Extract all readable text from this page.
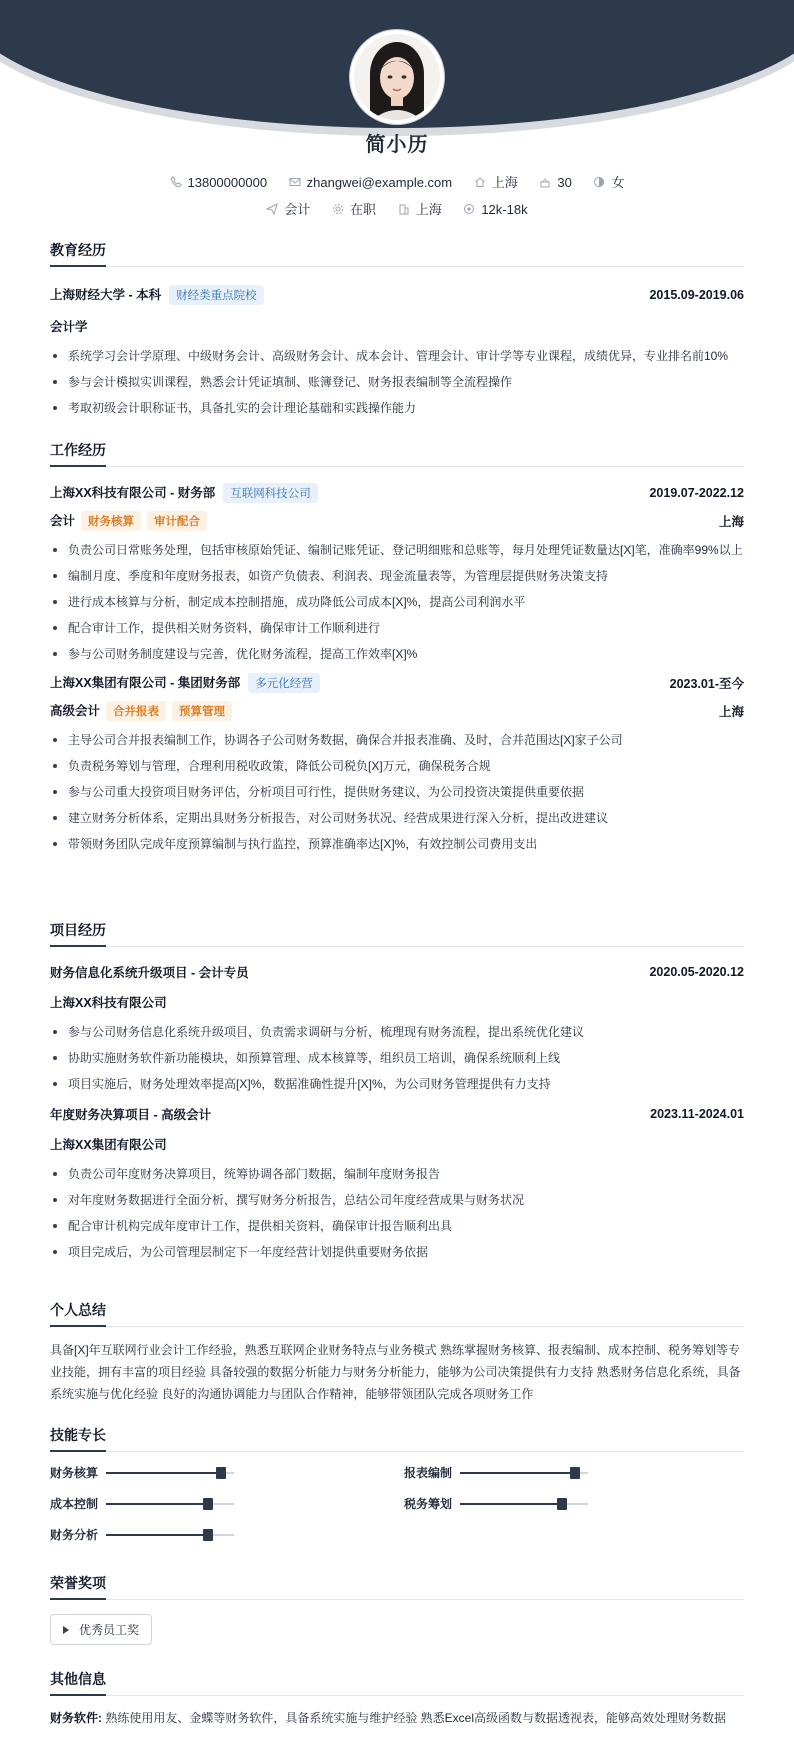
简小历
13800000000	zhangwei@example.com	上海	30	女
会计	在职	上海	12k-18k
教育经历
上海财经大学 - 本科 财经类重点院校	2015.09-2019.06
会计学
系统学习会计学原理、中级财务会计、高级财务会计、成本会计、管理会计、审计学等专业课程，成绩优异，专业排名前10%
参与会计模拟实训课程，熟悉会计凭证填制、账簿登记、财务报表编制等全流程操作
考取初级会计职称证书，具备扎实的会计理论基础和实践操作能力
工作经历
上海XX科技有限公司 - 财务部 互联网科技公司	2019.07-2022.12
会计 财务核算 审计配合	上海
负责公司日常账务处理，包括审核原始凭证、编制记账凭证、登记明细账和总账等，每月处理凭证数量达[X]笔，准确率99%以上
编制月度、季度和年度财务报表，如资产负债表、利润表、现金流量表等，为管理层提供财务决策支持
进行成本核算与分析，制定成本控制措施，成功降低公司成本[X]%，提高公司利润水平
配合审计工作，提供相关财务资料，确保审计工作顺利进行
参与公司财务制度建设与完善，优化财务流程，提高工作效率[X]%
上海XX集团有限公司 - 集团财务部 多元化经营	2023.01-至今
高级会计 合并报表 预算管理	上海
主导公司合并报表编制工作，协调各子公司财务数据，确保合并报表准确、及时，合并范围达[X]家子公司
负责税务筹划与管理，合理利用税收政策，降低公司税负[X]万元，确保税务合规
参与公司重大投资项目财务评估，分析项目可行性，提供财务建议，为公司投资决策提供重要依据
建立财务分析体系，定期出具财务分析报告，对公司财务状况、经营成果进行深入分析，提出改进建议
带领财务团队完成年度预算编制与执行监控，预算准确率达[X]%，有效控制公司费用支出
项目经历
财务信息化系统升级项目 - 会计专员	2020.05-2020.12
上海XX科技有限公司
参与公司财务信息化系统升级项目，负责需求调研与分析，梳理现有财务流程，提出系统优化建议
协助实施财务软件新功能模块，如预算管理、成本核算等，组织员工培训，确保系统顺利上线
项目实施后，财务处理效率提高[X]%，数据准确性提升[X]%，为公司财务管理提供有力支持
年度财务决算项目 - 高级会计	2023.11-2024.01
上海XX集团有限公司
负责公司年度财务决算项目，统筹协调各部门数据，编制年度财务报告
对年度财务数据进行全面分析，撰写财务分析报告，总结公司年度经营成果与财务状况
配合审计机构完成年度审计工作，提供相关资料，确保审计报告顺利出具
项目完成后，为公司管理层制定下一年度经营计划提供重要财务依据
个人总结
具备[X]年互联网行业会计工作经验，熟悉互联网企业财务特点与业务模式 熟练掌握财务核算、报表编制、成本控制、税务筹划等专业技能，拥有丰富的项目经验 具备较强的数据分析能力与财务分析能力，能够为公司决策提供有力支持 熟悉财务信息化系统，具备系统实施与优化经验 良好的沟通协调能力与团队合作精神，能够带领团队完成各项财务工作
技能专长
财务核算	报表编制
成本控制	税务筹划
财务分析
荣誉奖项
优秀员工奖
其他信息
财务软件: 熟练使用用友、金蝶等财务软件，具备系统实施与维护经验 熟悉Excel高级函数与数据透视表，能够高效处理财务数据
